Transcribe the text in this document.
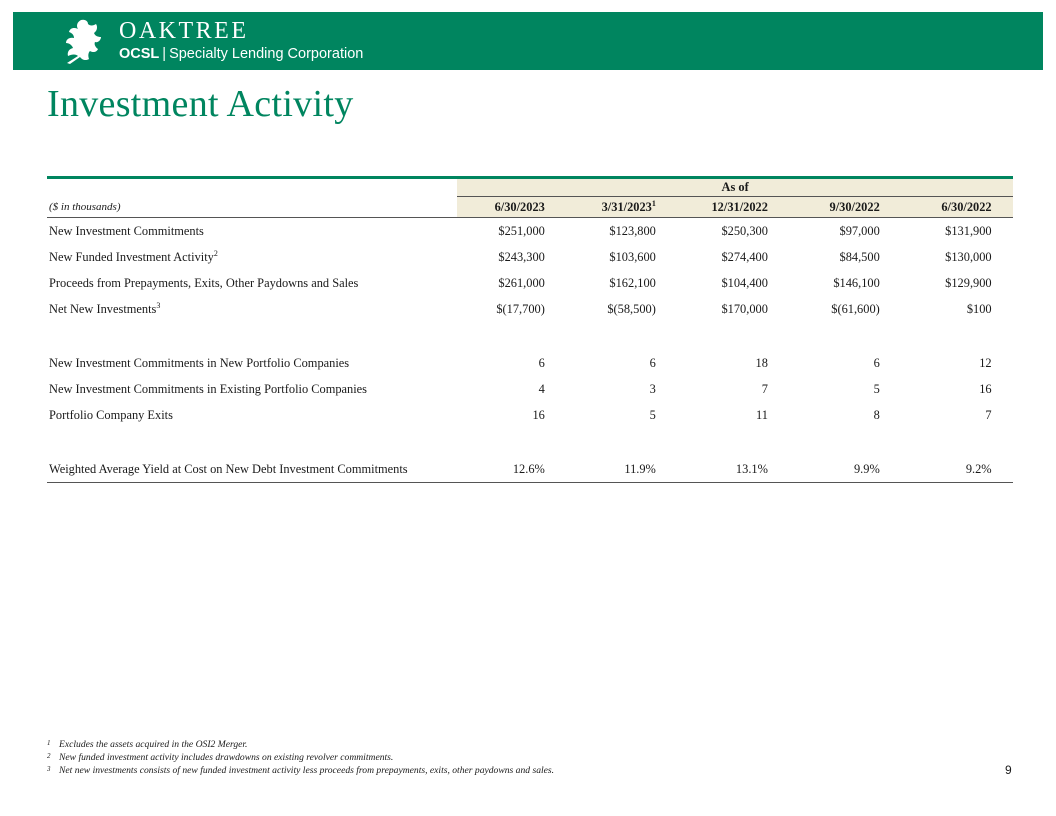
OAKTREE
OCSL | Specialty Lending Corporation
Investment Activity
		As of					
($ in thousands)		6/30/2023	3/31/2023$^1$	12/31/2022	9/30/2022	6/30/2022	
New Investment Commitments		$251,000	$123,800	$250,300	$97,000	$131,900	
New Funded Investment Activity$^2$		$243,300	$103,600	$274,400	$84,500	$130,000	
Proceeds from Prepayments, Exits, Other Paydowns and Sales		$261,000	$162,100	$104,400	$146,100	$129,900	
Net New Investments$^3$		$(17,700)	$(58,500)	$170,000	$(61,600)	$100	

New Investment Commitments in New Portfolio Companies		6	6	18	6	12	
New Investment Commitments in Existing Portfolio Companies		4	3	7	5	16	
Portfolio Company Exits		16	5	11	8	7	

Weighted Average Yield at Cost on New Debt Investment Commitments		12.6%	11.9%	13.1%	9.9%	9.2%	
1 Excludes the assets acquired in the OSI2 Merger.
2 New funded investment activity includes drawdowns on existing revolver commitments.
3 Net new investments consists of new funded investment activity less proceeds from prepayments, exits, other paydowns and sales.	9
